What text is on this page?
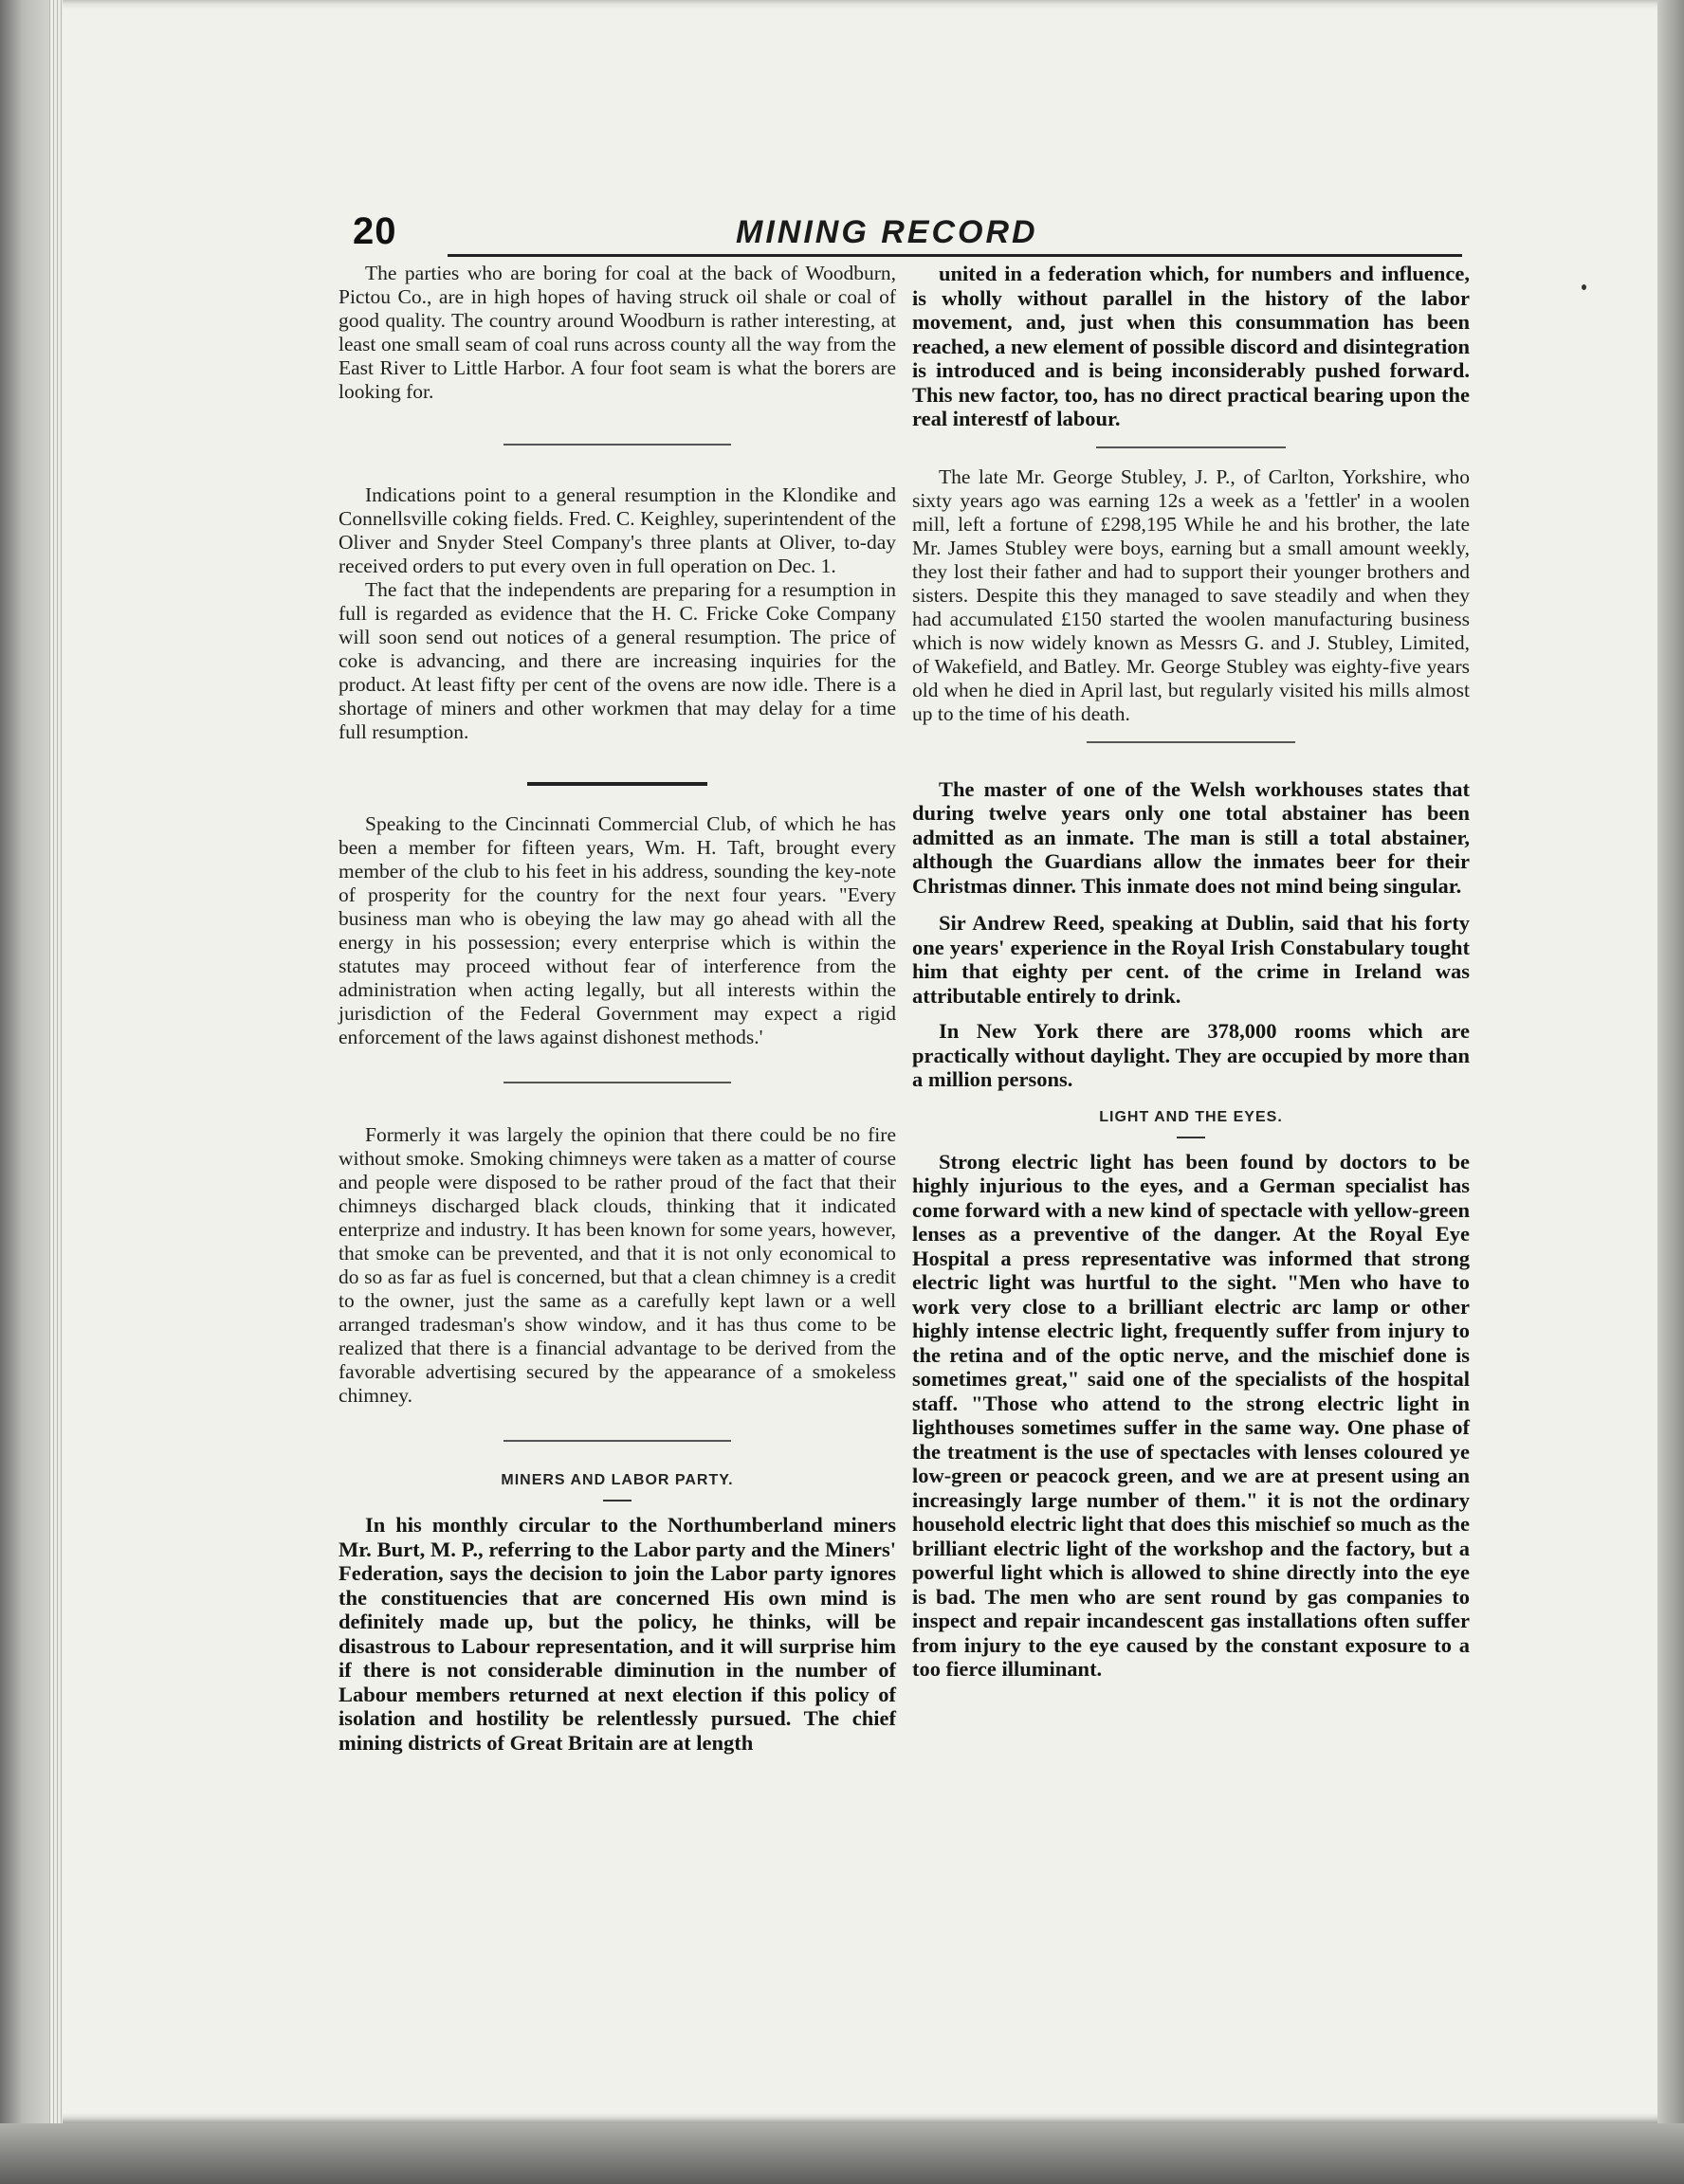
20	MINING RECORD

The parties who are boring for coal at the back of Woodburn, Pictou Co., are in high hopes of having struck oil shale or coal of good quality. The country around Woodburn is rather interesting, at least one small seam of coal runs across county all the way from the East River to Little Harbor. A four foot seam is what the borers are looking for.

Indications point to a general resumption in the Klondike and Connellsville coking fields. Fred. C. Keighley, superintendent of the Oliver and Snyder Steel Company's three plants at Oliver, to-day received orders to put every oven in full operation on Dec. 1.

The fact that the independents are preparing for a resumption in full is regarded as evidence that the H. C. Fricke Coke Company will soon send out notices of a general resumption. The price of coke is advancing, and there are increasing inquiries for the product. At least fifty per cent of the ovens are now idle. There is a shortage of miners and other workmen that may delay for a time full resumption.

Speaking to the Cincinnati Commercial Club, of which he has been a member for fifteen years, Wm. H. Taft, brought every member of the club to his feet in his address, sounding the key-note of prosperity for the country for the next four years. "Every business man who is obeying the law may go ahead with all the energy in his possession; every enterprise which is within the statutes may proceed without fear of interference from the administration when acting legally, but all interests within the jurisdiction of the Federal Government may expect a rigid enforcement of the laws against dishonest methods.'

Formerly it was largely the opinion that there could be no fire without smoke. Smoking chimneys were taken as a matter of course and people were disposed to be rather proud of the fact that their chimneys discharged black clouds, thinking that it indicated enterprize and industry. It has been known for some years, however, that smoke can be prevented, and that it is not only economical to do so as far as fuel is concerned, but that a clean chimney is a credit to the owner, just the same as a carefully kept lawn or a well arranged tradesman's show window, and it has thus come to be realized that there is a financial advantage to be derived from the favorable advertising secured by the appearance of a smokeless chimney.

MINERS AND LABOR PARTY.

In his monthly circular to the Northumberland miners Mr. Burt, M. P., referring to the Labor party and the Miners' Federation, says the decision to join the Labor party ignores the constituencies that are concerned His own mind is definitely made up, but the policy, he thinks, will be disastrous to Labour representation, and it will surprise him if there is not considerable diminution in the number of Labour members returned at next election if this policy of isolation and hostility be relentlessly pursued. The chief mining districts of Great Britain are at length

united in a federation which, for numbers and influence, is wholly without parallel in the history of the labor movement, and, just when this consummation has been reached, a new element of possible discord and disintegration is introduced and is being inconsiderably pushed forward. This new factor, too, has no direct practical bearing upon the real interestf of labour.

The late Mr. George Stubley, J. P., of Carlton, Yorkshire, who sixty years ago was earning 12s a week as a 'fettler' in a woolen mill, left a fortune of £298,195 While he and his brother, the late Mr. James Stubley were boys, earning but a small amount weekly, they lost their father and had to support their younger brothers and sisters. Despite this they managed to save steadily and when they had accumulated £150 started the woolen manufacturing business which is now widely known as Messrs G. and J. Stubley, Limited, of Wakefield, and Batley. Mr. George Stubley was eighty-five years old when he died in April last, but regularly visited his mills almost up to the time of his death.

The master of one of the Welsh workhouses states that during twelve years only one total abstainer has been admitted as an inmate. The man is still a total abstainer, although the Guardians allow the inmates beer for their Christmas dinner. This inmate does not mind being singular.

Sir Andrew Reed, speaking at Dublin, said that his forty one years' experience in the Royal Irish Constabulary tought him that eighty per cent. of the crime in Ireland was attributable entirely to drink.

In New York there are 378,000 rooms which are practically without daylight. They are occupied by more than a million persons.

LIGHT AND THE EYES.

Strong electric light has been found by doctors to be highly injurious to the eyes, and a German specialist has come forward with a new kind of spectacle with yellow-green lenses as a preventive of the danger. At the Royal Eye Hospital a press representative was informed that strong electric light was hurtful to the sight. "Men who have to work very close to a brilliant electric arc lamp or other highly intense electric light, frequently suffer from injury to the retina and of the optic nerve, and the mischief done is sometimes great," said one of the specialists of the hospital staff. "Those who attend to the strong electric light in lighthouses sometimes suffer in the same way. One phase of the treatment is the use of spectacles with lenses coloured ye low-green or peacock green, and we are at present using an increasingly large number of them." it is not the ordinary household electric light that does this mischief so much as the brilliant electric light of the workshop and the factory, but a powerful light which is allowed to shine directly into the eye is bad. The men who are sent round by gas companies to inspect and repair incandescent gas installations often suffer from injury to the eye caused by the constant exposure to a too fierce illuminant.
